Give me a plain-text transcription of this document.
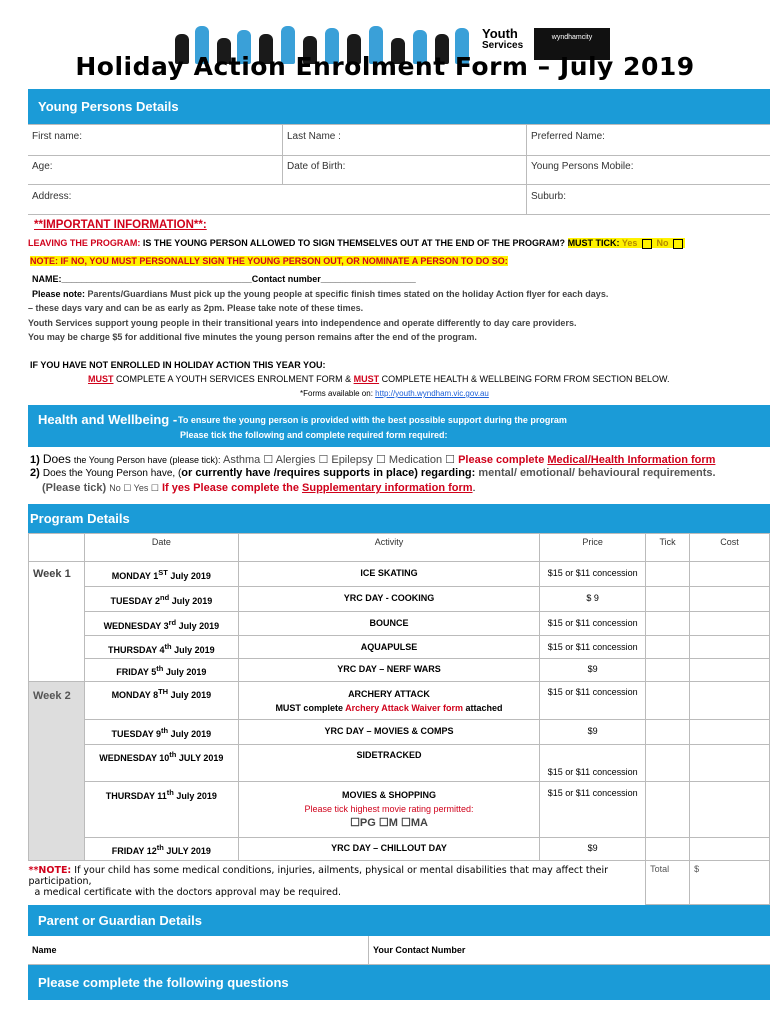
Youth
Services
wyndhamcity
Holiday Action Enrolment Form – July 2019
Young Persons Details
First name:	Last Name :	Preferred Name:
Age:	Date of Birth:	Young Persons Mobile:
Address:	Suburb:
**IMPORTANT INFORMATION**:
LEAVING THE PROGRAM: IS THE YOUNG PERSON ALLOWED TO SIGN THEMSELVES OUT AT THE END OF THE PROGRAM? MUST TICK: Yes No
NOTE: IF NO, YOU MUST PERSONALLY SIGN THE YOUNG PERSON OUT, OR NOMINATE A PERSON TO DO SO:
NAME:______________________________________Contact number___________________
Please note: Parents/Guardians Must pick up the young people at specific finish times stated on the holiday Action flyer for each days.
– these days vary and can be as early as 2pm. Please take note of these times.
Youth Services support young people in their transitional years into independence and operate differently to day care providers.
You may be charge $5 for additional five minutes the young person remains after the end of the program.
IF YOU HAVE NOT ENROLLED IN HOLIDAY ACTION THIS YEAR YOU:
MUST COMPLETE A YOUTH SERVICES ENROLMENT FORM & MUST COMPLETE HEALTH & WELLBEING FORM FROM SECTION BELOW.
*Forms available on: http://youth.wyndham.vic.gov.au
Health and Wellbeing - To ensure the young person is provided with the best possible support during the program
Please tick the following and complete required form required:
1) Does the Young Person have (please tick): Asthma ☐ Alergies ☐ Epilepsy ☐ Medication ☐ Please complete Medical/Health Information form
2) Does the Young Person have, (or currently have /requires supports in place) regarding: mental/ emotional/ behavioural requirements.
(Please tick) No ☐ Yes ☐ If yes Please complete the Supplementary information form.
Program Details
	Date	Activity	Price	Tick	Cost
Week 1	MONDAY 1ST July 2019	ICE SKATING	$15 or $11 concession		
	TUESDAY 2nd July 2019	YRC DAY - COOKING	$ 9		
	WEDNESDAY 3rd July 2019	BOUNCE	$15 or $11 concession		
	THURSDAY 4th July 2019	AQUAPULSE	$15 or $11 concession		
	FRIDAY 5th July 2019	YRC DAY – NERF WARS	$9		
Week 2	MONDAY 8TH July 2019	ARCHERY ATTACK
MUST complete Archery Attack Waiver form attached	$15 or $11 concession		
	TUESDAY 9th July 2019	YRC DAY – MOVIES & COMPS	$9		
	WEDNESDAY 10th JULY 2019	SIDETRACKED	$15 or $11 concession		
	THURSDAY 11th July 2019	MOVIES & SHOPPING
Please tick highest movie rating permitted:
☐PG ☐M ☐MA	$15 or $11 concession		
	FRIDAY 12th JULY 2019	YRC DAY – CHILLOUT DAY	$9		
**NOTE: If your child has some medical conditions, injuries, ailments, physical or mental disabilities that may affect their participation,
a medical certificate with the doctors approval may be required.				Total	$
Parent or Guardian Details
Name	Your Contact Number
Please complete the following questions
